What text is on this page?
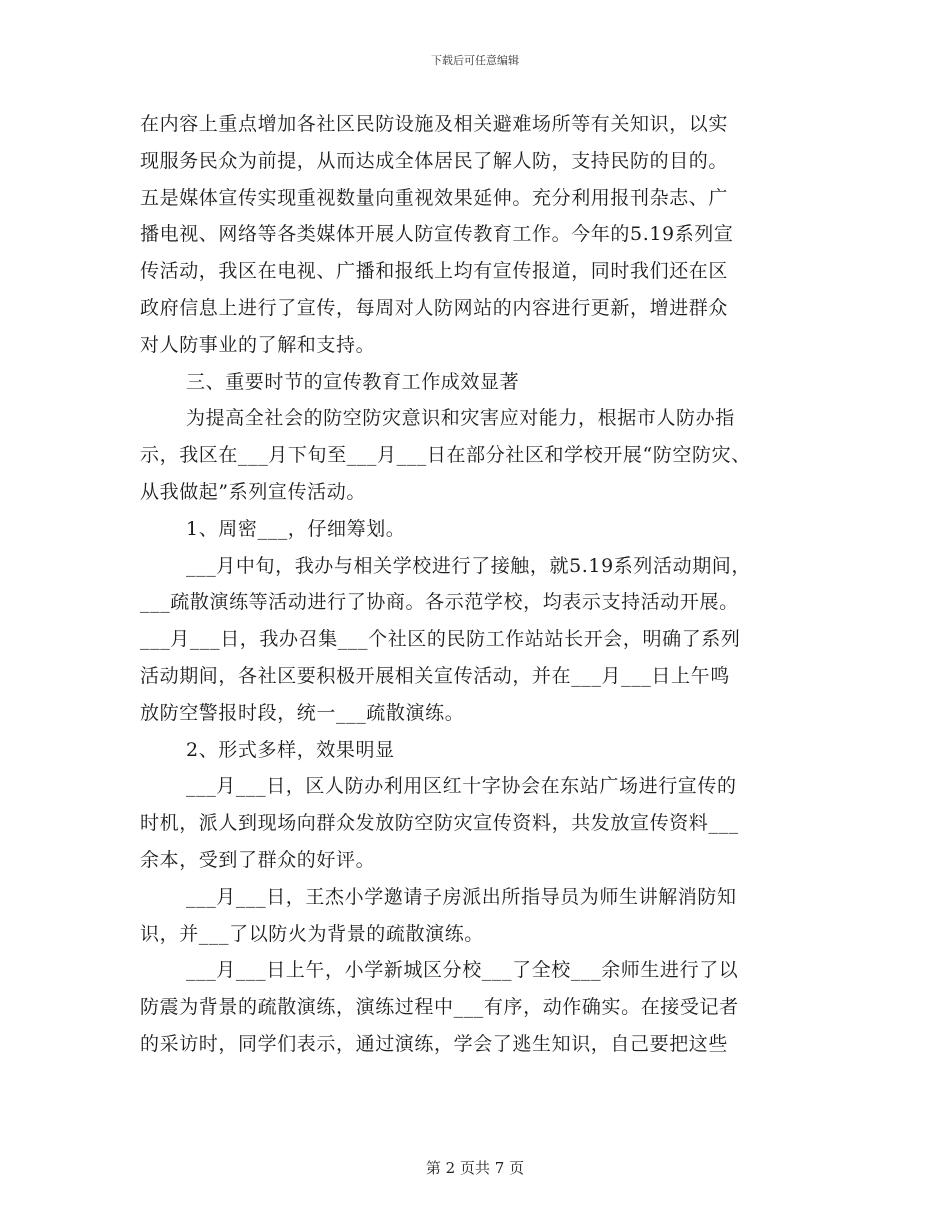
下载后可任意编辑
在内容上重点增加各社区民防设施及相关避难场所等有关知识，以实
现服务民众为前提，从而达成全体居民了解人防，支持民防的目的。
五是媒体宣传实现重视数量向重视效果延伸。充分利用报刊杂志、广
播电视、网络等各类媒体开展人防宣传教育工作。今年的5.19系列宣
传活动，我区在电视、广播和报纸上均有宣传报道，同时我们还在区
政府信息上进行了宣传，每周对人防网站的内容进行更新，增进群众
对人防事业的了解和支持。
三、重要时节的宣传教育工作成效显著
为提高全社会的防空防灾意识和灾害应对能力，根据市人防办指
示，我区在___月下旬至___月___日在部分社区和学校开展“防空防灾、
从我做起”系列宣传活动。
1、周密___，仔细筹划。
___月中旬，我办与相关学校进行了接触，就5.19系列活动期间，
___疏散演练等活动进行了协商。各示范学校，均表示支持活动开展。
___月___日，我办召集___个社区的民防工作站站长开会，明确了系列
活动期间，各社区要积极开展相关宣传活动，并在___月___日上午鸣
放防空警报时段，统一___疏散演练。
2、形式多样，效果明显
___月___日，区人防办利用区红十字协会在东站广场进行宣传的
时机，派人到现场向群众发放防空防灾宣传资料，共发放宣传资料___
余本，受到了群众的好评。
___月___日，王杰小学邀请子房派出所指导员为师生讲解消防知
识，并___了以防火为背景的疏散演练。
___月___日上午，小学新城区分校___了全校___余师生进行了以
防震为背景的疏散演练，演练过程中___有序，动作确实。在接受记者
的采访时，同学们表示，通过演练，学会了逃生知识，自己要把这些
第 2 页共 7 页
